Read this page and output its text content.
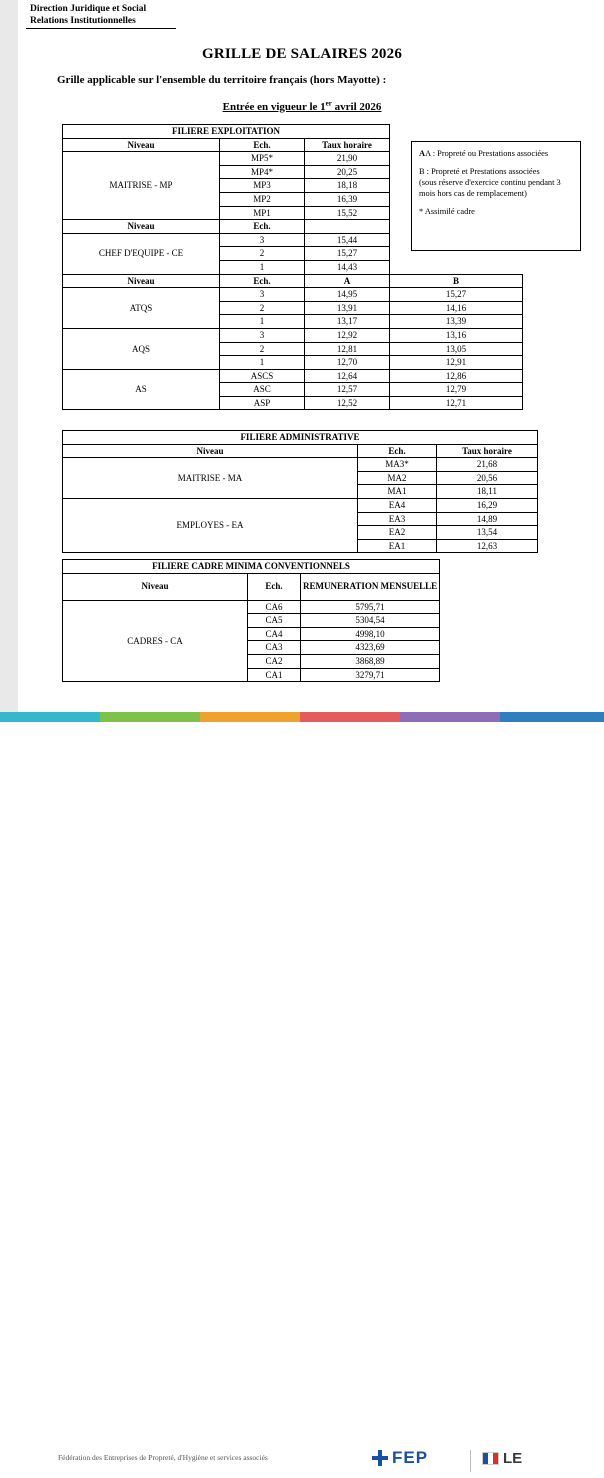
Direction Juridique et Social
Relations Institutionnelles
GRILLE DE SALAIRES 2026
Grille applicable sur l'ensemble du territoire français (hors Mayotte) :
Entrée en vigueur le 1er avril 2026
FILIERE EXPLOITATION			
Niveau	Ech.	Taux horaire	
MAITRISE - MP	MP5*	21,90	
	MP4*	20,25	
	MP3	18,18	
	MP2	16,39	
	MP1	15,52	
Niveau	Ech.		
CHEF D'EQUIPE - CE	3	15,44	
	2	15,27	
	1	14,43	
Niveau	Ech.	A	B
ATQS	3	14,95	15,27
	2	13,91	14,16
	1	13,17	13,39
AQS	3	12,92	13,16
	2	12,81	13,05
	1	12,70	12,91
AS	ASCS	12,64	12,86
	ASC	12,57	12,79
	ASP	12,52	12,71

AA : Propreté ou Prestations associées

B : Propreté et Prestations associées
(sous réserve d'exercice continu pendant 3 mois hors cas de remplacement)

* Assimilé cadre

FILIERE ADMINISTRATIVE		
Niveau	Ech.	Taux horaire
MAITRISE - MA	MA3*	21,68
	MA2	20,56
	MA1	18,11
EMPLOYES - EA	EA4	16,29
	EA3	14,89
	EA2	13,54
	EA1	12,63
FILIERE CADRE MINIMA CONVENTIONNELS		
Niveau	Ech.	REMUNERATION MENSUELLE
CADRES - CA	CA6	5795,71
	CA5	5304,54
	CA4	4998,10
	CA3	4323,69
	CA2	3868,89
	CA1	3279,71
Fédération des Entreprises de Propreté, d'Hygiène et services associés	FEP	LE
